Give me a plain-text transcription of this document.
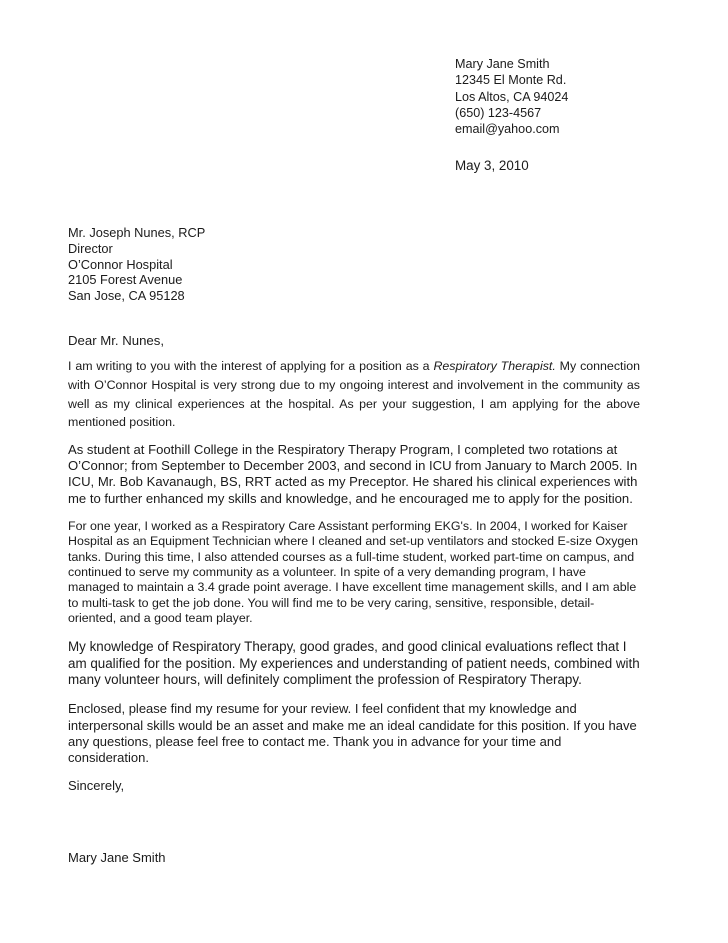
Mary Jane Smith
12345 El Monte Rd.
Los Altos, CA 94024
(650) 123-4567
email@yahoo.com
May 3, 2010
Mr. Joseph Nunes, RCP
Director
O’Connor Hospital
2105 Forest Avenue
San Jose, CA 95128
Dear Mr. Nunes,

I am writing to you with the interest of applying for a position as a Respiratory Therapist. My connection with O’Connor Hospital is very strong due to my ongoing interest and involvement in the community as well as my clinical experiences at the hospital. As per your suggestion, I am applying for the above mentioned position.

As student at Foothill College in the Respiratory Therapy Program, I completed two rotations at O’Connor; from September to December 2003, and second in ICU from January to March 2005. In ICU, Mr. Bob Kavanaugh, BS, RRT acted as my Preceptor. He shared his clinical experiences with me to further enhanced my skills and knowledge, and he encouraged me to apply for the position.

For one year, I worked as a Respiratory Care Assistant performing EKG's. In 2004, I worked for Kaiser Hospital as an Equipment Technician where I cleaned and set-up ventilators and stocked E-size Oxygen tanks. During this time, I also attended courses as a full-time student, worked part-time on campus, and continued to serve my community as a volunteer. In spite of a very demanding program, I have managed to maintain a 3.4 grade point average. I have excellent time management skills, and I am able to multi-task to get the job done. You will find me to be very caring, sensitive, responsible, detail-oriented, and a good team player.

My knowledge of Respiratory Therapy, good grades, and good clinical evaluations reflect that I am qualified for the position. My experiences and understanding of patient needs, combined with many volunteer hours, will definitely compliment the profession of Respiratory Therapy.

Enclosed, please find my resume for your review. I feel confident that my knowledge and interpersonal skills would be an asset and make me an ideal candidate for this position. If you have any questions, please feel free to contact me. Thank you in advance for your time and consideration.

Sincerely,
Mary Jane Smith
